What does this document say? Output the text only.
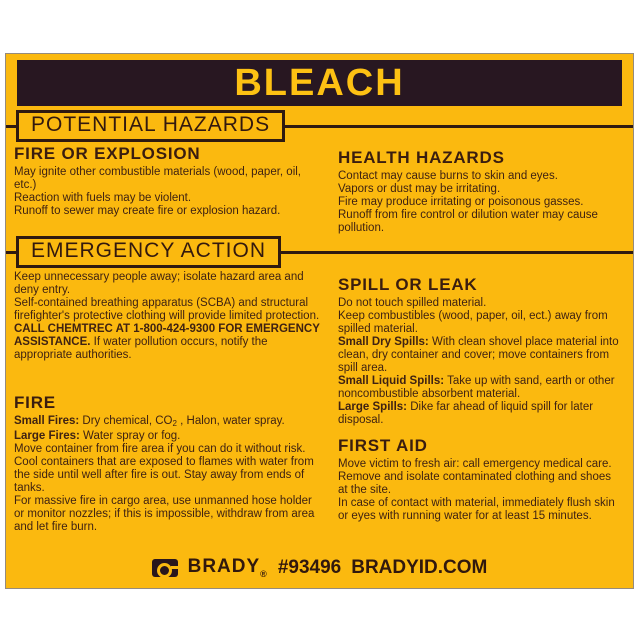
BLEACH
POTENTIAL HAZARDS
FIRE OR EXPLOSION

May ignite other combustible materials (wood, paper, oil, etc.)

Reaction with fuels may be violent.

Runoff to sewer may create fire or explosion hazard.

HEALTH HAZARDS

Contact may cause burns to skin and eyes.

Vapors or dust may be irritating.

Fire may produce irritating or poisonous gasses.

Runoff from fire control or dilution water may cause pollution.

EMERGENCY ACTION

Keep unnecessary people away; isolate hazard area and deny entry.

Self-contained breathing apparatus (SCBA) and structural firefighter's protective clothing will provide limited protection.

CALL CHEMTREC AT 1-800-424-9300 FOR EMERGENCY ASSISTANCE. If water pollution occurs, notify the appropriate authorities.

FIRE

Small Fires: Dry chemical, $CO_2$ , Halon, water spray.

Large Fires: Water spray or fog.

Move container from fire area if you can do it without risk.

Cool containers that are exposed to flames with water from the side until well after fire is out. Stay away from ends of tanks.

For massive fire in cargo area, use unmanned hose holder or monitor nozzles; if this is impossible, withdraw from area and let fire burn.

SPILL OR LEAK

Do not touch spilled material.

Keep combustibles (wood, paper, oil, ect.) away from spilled material.

Small Dry Spills: With clean shovel place material into clean, dry container and cover; move containers from spill area.

Small Liquid Spills: Take up with sand, earth or other noncombustible absorbent material.

Large Spills: Dike far ahead of liquid spill for later disposal.

FIRST AID

Move victim to fresh air: call emergency medical care.

Remove and isolate contaminated clothing and shoes at the site.

In case of contact with material, immediately flush skin or eyes with running water for at least 15 minutes.

$BRADY_®$ #93496 BRADYID.COM
